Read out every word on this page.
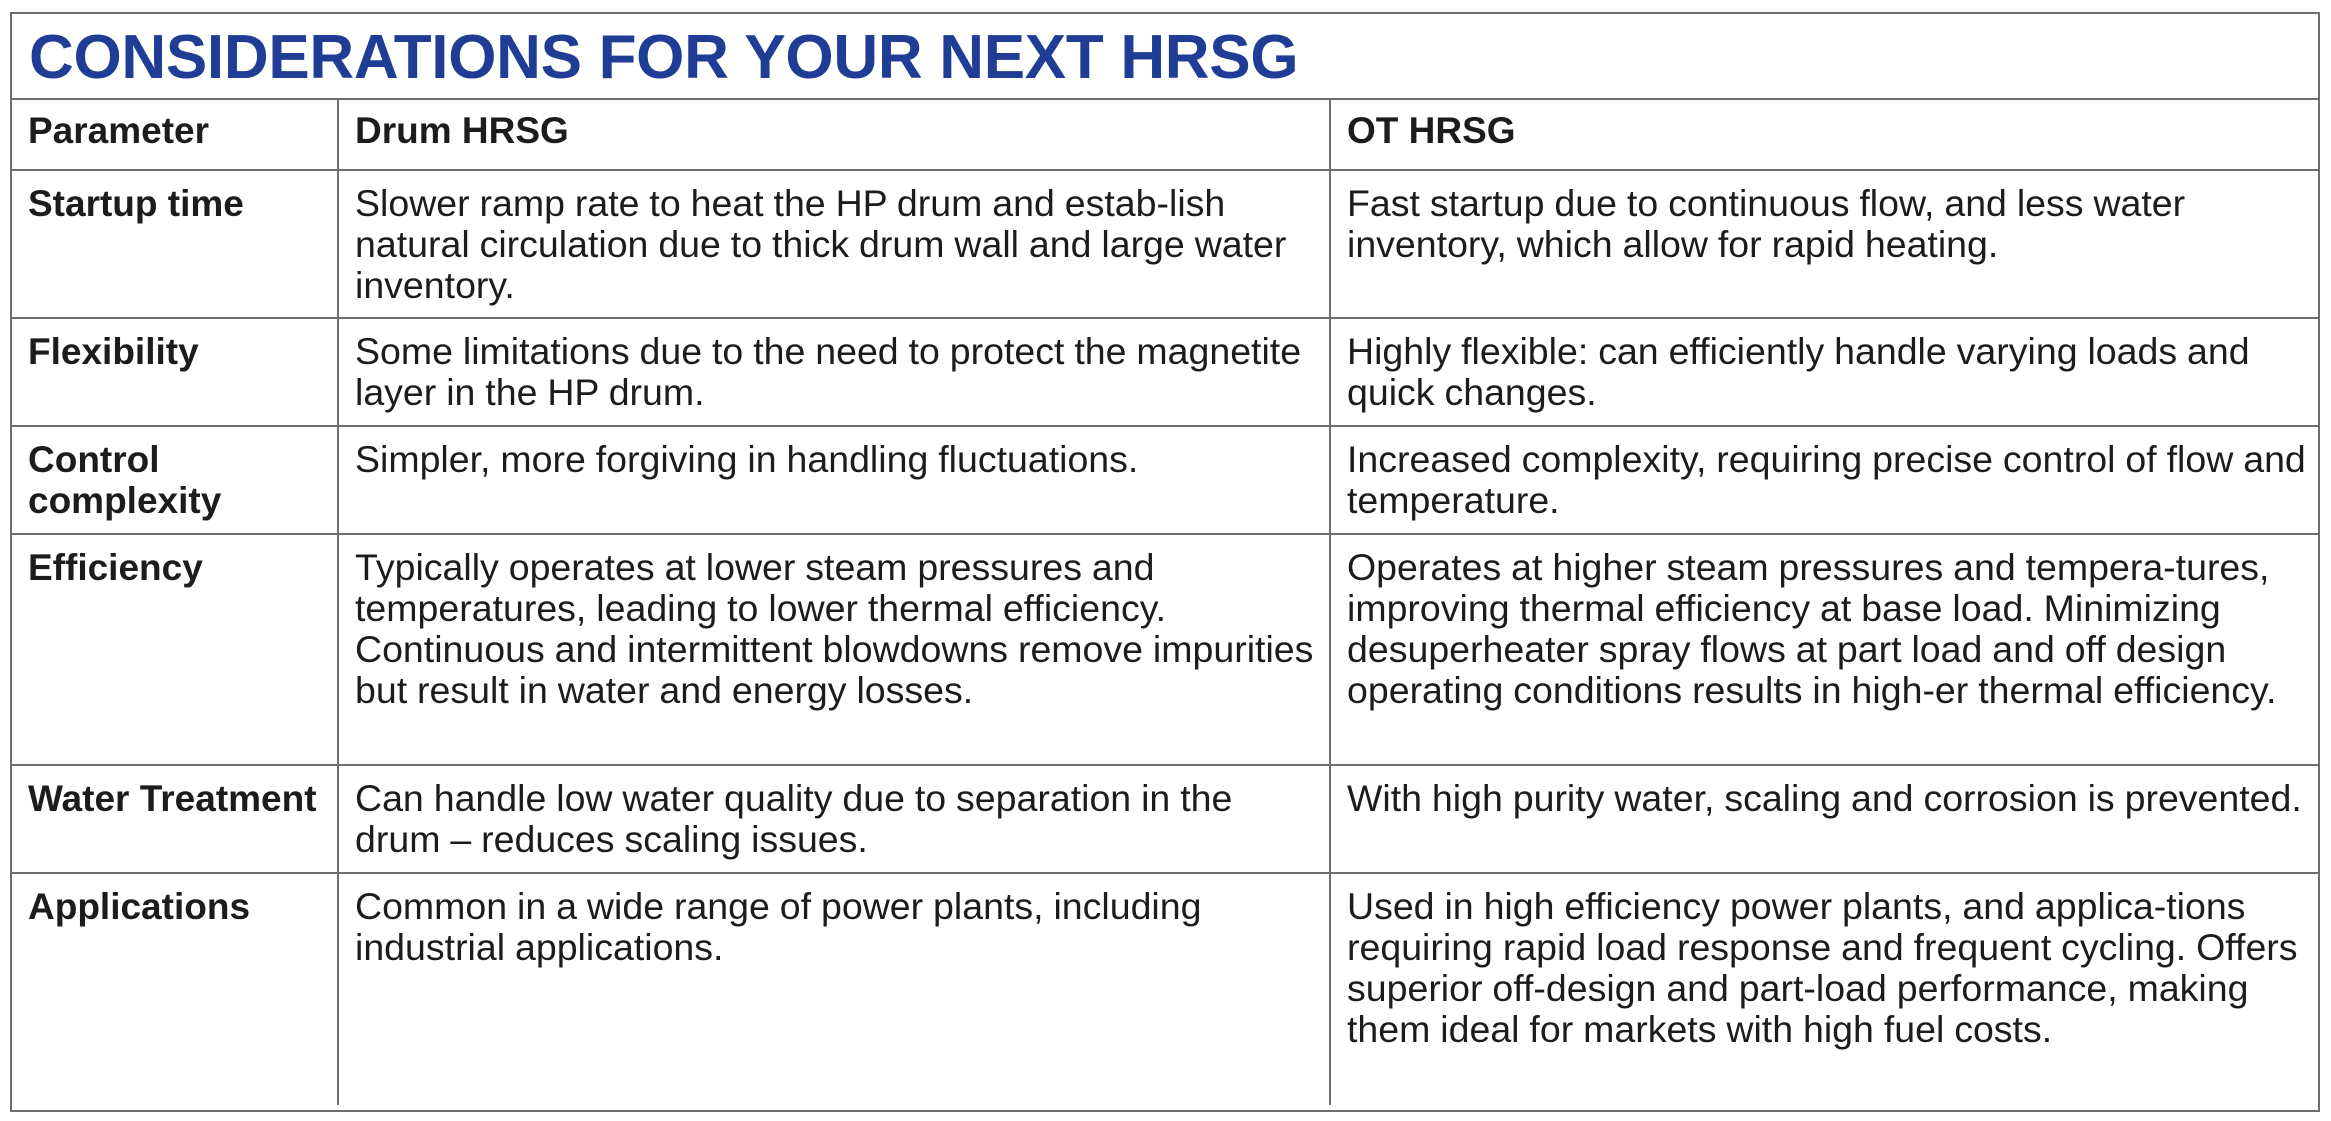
CONSIDERATIONS FOR YOUR NEXT HRSG
Parameter	Drum HRSG	OT HRSG
Startup time	Slower ramp rate to heat the HP drum and estab-lish natural circulation due to thick drum wall and large water inventory.	Fast startup due to continuous flow, and less water inventory, which allow for rapid heating.
Flexibility	Some limitations due to the need to protect the magnetite layer in the HP drum.	Highly flexible: can efficiently handle varying loads and quick changes.
Control complexity	Simpler, more forgiving in handling fluctuations.	Increased complexity, requiring precise control of flow and temperature.
Efficiency	Typically operates at lower steam pressures and temperatures, leading to lower thermal efficiency. Continuous and intermittent blowdowns remove impurities but result in water and energy losses.	Operates at higher steam pressures and tempera-tures, improving thermal efficiency at base load. Minimizing desuperheater spray flows at part load and off design operating conditions results in high-er thermal efficiency.
Water Treatment	Can handle low water quality due to separation in the drum – reduces scaling issues.	With high purity water, scaling and corrosion is prevented.
Applications	Common in a wide range of power plants, including industrial applications.	Used in high efficiency power plants, and applica-tions requiring rapid load response and frequent cycling. Offers superior off-design and part-load performance, making them ideal for markets with high fuel costs.
